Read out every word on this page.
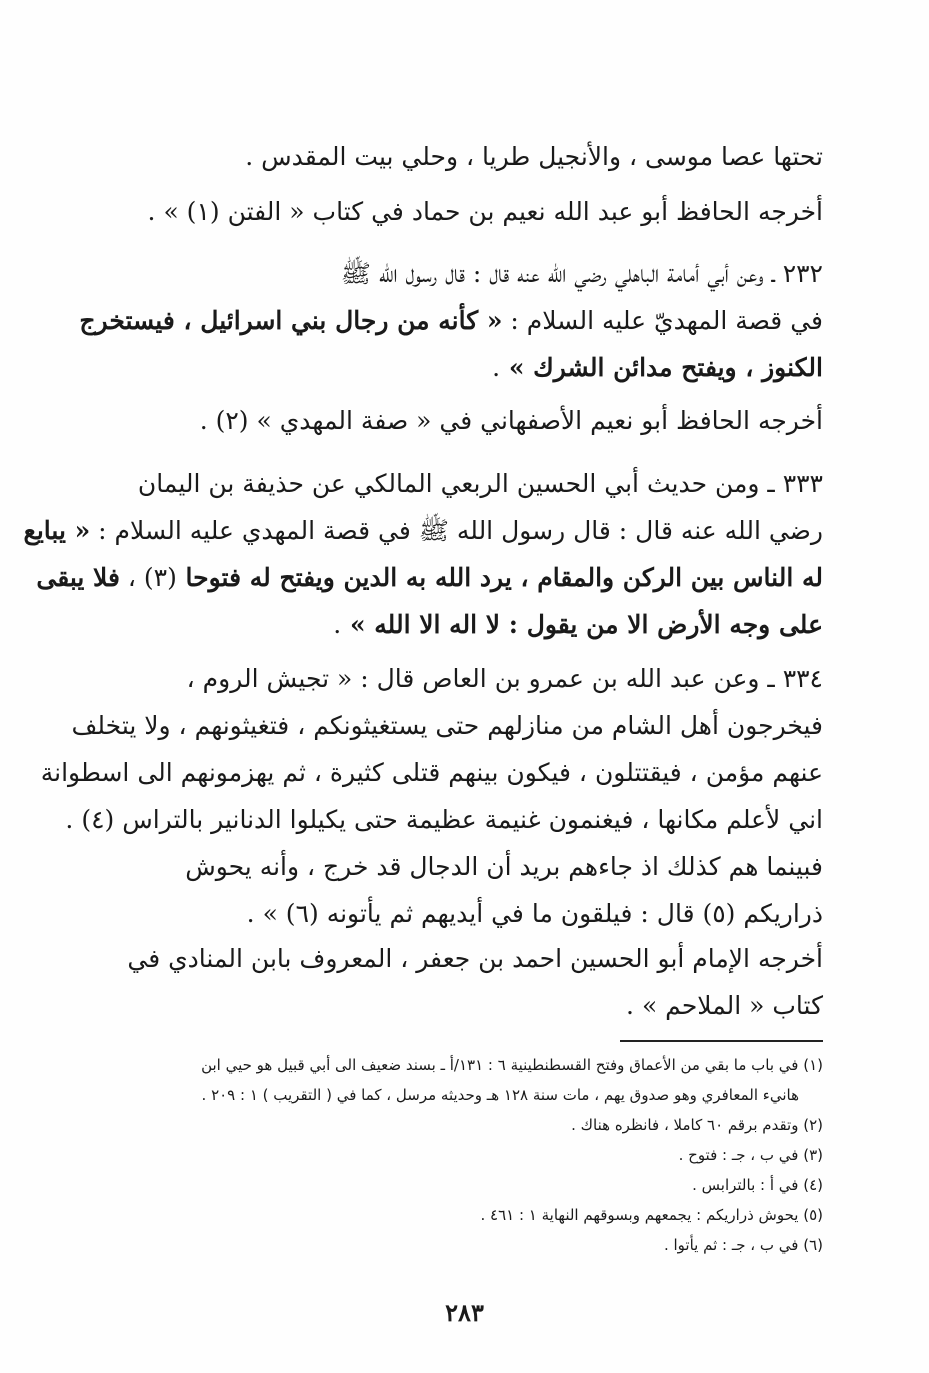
تحتها عصا موسى ، والأنجيل طريا ، وحلي بيت المقدس .
أخرجه الحافظ أبو عبد الله نعيم بن حماد في كتاب « الفتن (١) » .
٢٣٢ ـ وعن أبي أمامة الباهلي رضي الله عنه قال : قال رسول الله ﷺ
في قصة المهديّ عليه السلام : « كأنه من رجال بني اسرائيل ، فيستخرج
الكنوز ، ويفتح مدائن الشرك » .
أخرجه الحافظ أبو نعيم الأصفهاني في « صفة المهدي » (٢) .
٣٣٣ ـ ومن حديث أبي الحسين الربعي المالكي عن حذيفة بن اليمان
رضي الله عنه قال : قال رسول الله ﷺ في قصة المهدي عليه السلام : « يبايع
له الناس بين الركن والمقام ، يرد الله به الدين ويفتح له فتوحا (٣) ، فلا يبقى
على وجه الأرض الا من يقول : لا اله الا الله » .
٣٣٤ ـ وعن عبد الله بن عمرو بن العاص قال : « تجيش الروم ،
فيخرجون أهل الشام من منازلهم حتى يستغيثونكم ، فتغيثونهم ، ولا يتخلف
عنهم مؤمن ، فيقتتلون ، فيكون بينهم قتلى كثيرة ، ثم يهزمونهم الى اسطوانة
اني لأعلم مكانها ، فيغنمون غنيمة عظيمة حتى يكيلوا الدنانير بالتراس (٤) .
فبينما هم كذلك اذ جاءهم بريد أن الدجال قد خرج ، وأنه يحوش
ذراريكم (٥) قال : فيلقون ما في أيديهم ثم يأتونه (٦) » .
أخرجه الإمام أبو الحسين احمد بن جعفر ، المعروف بابن المنادي في
كتاب « الملاحم » .
(١) في باب ما بقي من الأعماق وفتح القسطنطينية ٦ : ١٣١/أ ـ بسند ضعيف الى أبي قبيل هو حيي ابن
هانيء المعافري وهو صدوق يهم ، مات سنة ١٢٨ هـ وحديثه مرسل ، كما في ( التقريب ) ١ : ٢٠٩ .
(٢) وتقدم برقم ٦٠ كاملا ، فانظره هناك .
(٣) في ب ، جـ : فتوح .
(٤) في أ : بالترابس .
(٥) يحوش ذراريكم : يجمعهم وبسوقهم النهاية ١ : ٤٦١ .
(٦) في ب ، جـ : ثم يأتوا .
٢٨٣
